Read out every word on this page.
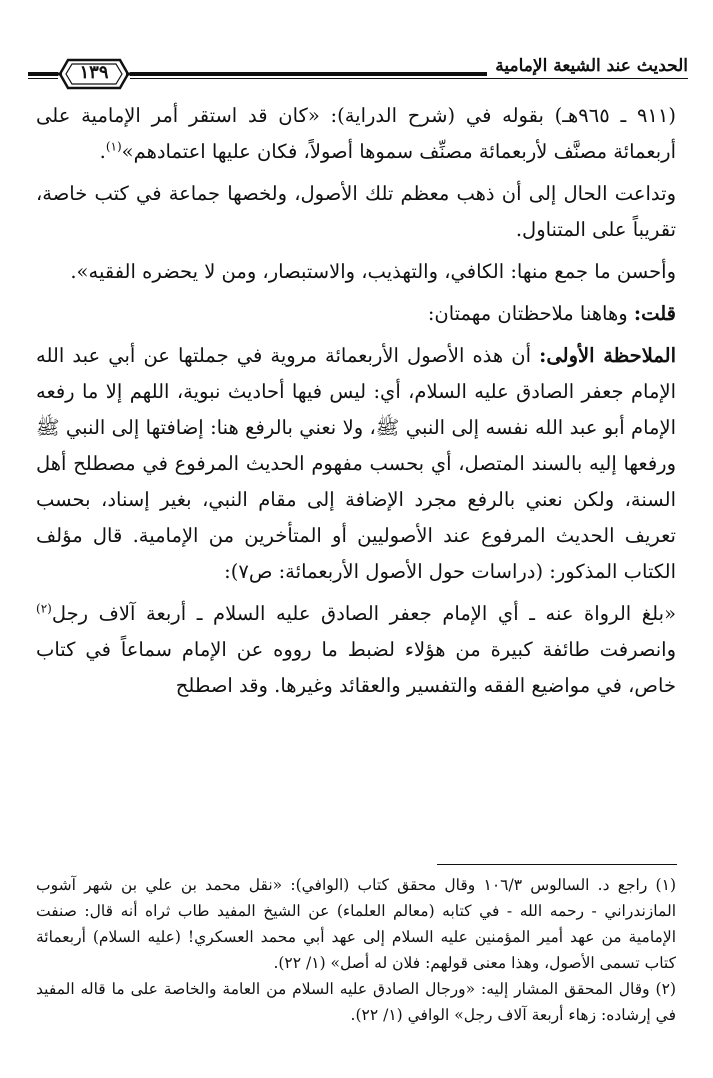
الحديث عند الشيعة الإمامية
١٣٩

(٩١١ ـ ٩٦٥هـ) بقوله في (شرح الدراية): «كان قد استقر أمر الإمامية على أربعمائة مصنَّف لأربعمائة مصنِّف سموها أصولاً، فكان عليها اعتمادهم»$^{(١)}$.

وتداعت الحال إلى أن ذهب معظم تلك الأصول، ولخصها جماعة في كتب خاصة، تقريباً على المتناول.

وأحسن ما جمع منها: الكافي، والتهذيب، والاستبصار، ومن لا يحضره الفقيه».

قلت: وهاهنا ملاحظتان مهمتان:

الملاحظة الأولى: أن هذه الأصول الأربعمائة مروية في جملتها عن أبي عبد الله الإمام جعفر الصادق عليه السلام، أي: ليس فيها أحاديث نبوية، اللهم إلا ما رفعه الإمام أبو عبد الله نفسه إلى النبي ﷺ، ولا نعني بالرفع هنا: إضافتها إلى النبي ﷺ ورفعها إليه بالسند المتصل، أي بحسب مفهوم الحديث المرفوع في مصطلح أهل السنة، ولكن نعني بالرفع مجرد الإضافة إلى مقام النبي، بغير إسناد، بحسب تعريف الحديث المرفوع عند الأصوليين أو المتأخرين من الإمامية. قال مؤلف الكتاب المذكور: (دراسات حول الأصول الأربعمائة: ص٧):

«بلغ الرواة عنه ـ أي الإمام جعفر الصادق عليه السلام ـ أربعة آلاف رجل$^{(٢)}$ وانصرفت طائفة كبيرة من هؤلاء لضبط ما رووه عن الإمام سماعاً في كتاب خاص، في مواضيع الفقه والتفسير والعقائد وغيرها. وقد اصطلح

(١) راجع د. السالوس ١٠٦/٣ وقال محقق كتاب (الوافي): «نقل محمد بن علي بن شهر آشوب المازندراني - رحمه الله - في كتابه (معالم العلماء) عن الشيخ المفيد طاب ثراه أنه قال: صنفت الإمامية من عهد أمير المؤمنين عليه السلام إلى عهد أبي محمد العسكري! (عليه السلام) أربعمائة كتاب تسمى الأصول، وهذا معنى قولهم: فلان له أصل» (١/ ٢٢).

(٢) وقال المحقق المشار إليه: «ورجال الصادق عليه السلام من العامة والخاصة على ما قاله المفيد في إرشاده: زهاء أربعة آلاف رجل» الوافي (١/ ٢٢).
